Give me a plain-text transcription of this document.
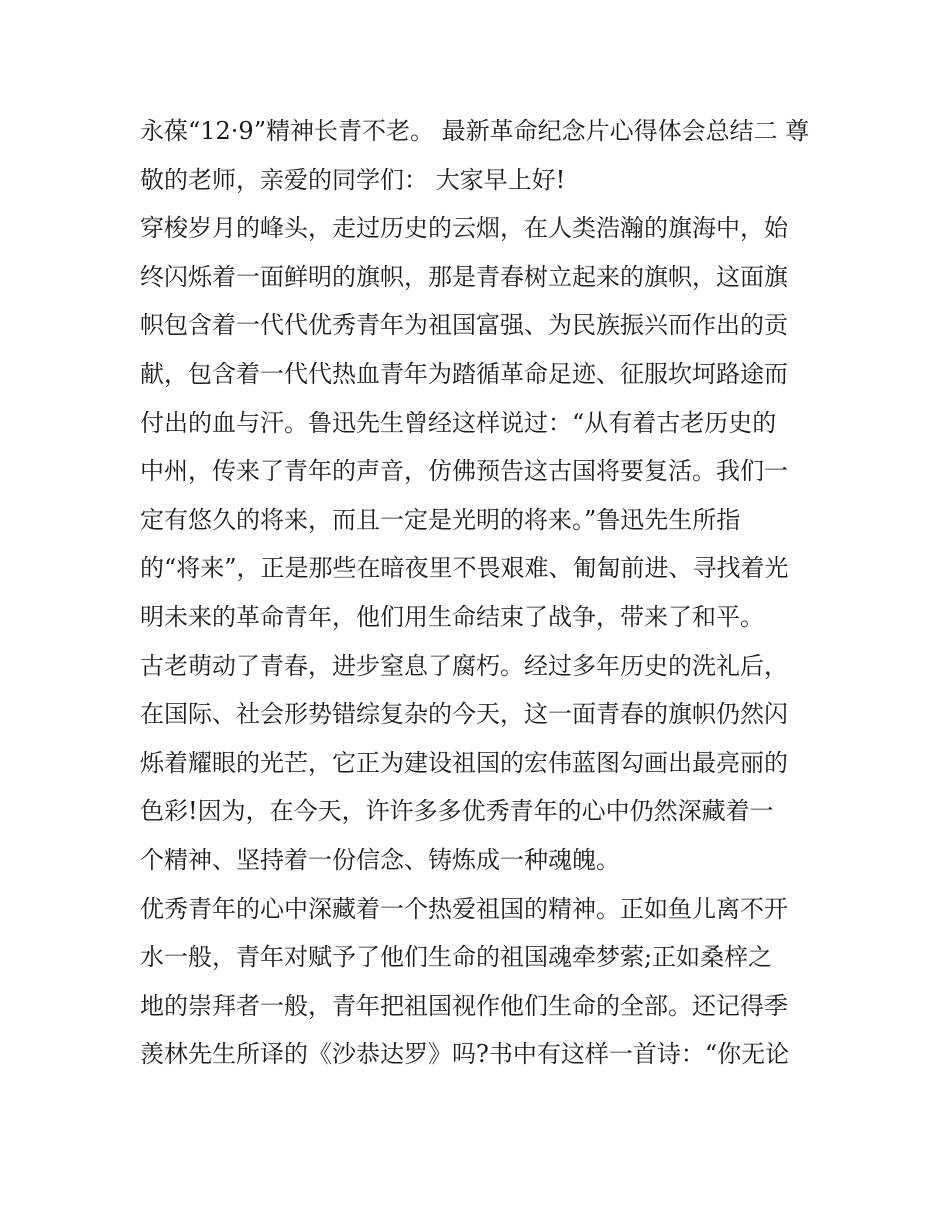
永葆“12·9”精神长青不老。 最新革命纪念片心得体会总结二 尊
敬的老师，亲爱的同学们： 大家早上好!
穿梭岁月的峰头，走过历史的云烟，在人类浩瀚的旗海中，始
终闪烁着一面鲜明的旗帜，那是青春树立起来的旗帜，这面旗
帜包含着一代代优秀青年为祖国富强、为民族振兴而作出的贡
献，包含着一代代热血青年为踏循革命足迹、征服坎坷路途而
付出的血与汗。鲁迅先生曾经这样说过：“从有着古老历史的
中州，传来了青年的声音，仿佛预告这古国将要复活。我们一
定有悠久的将来，而且一定是光明的将来。”鲁迅先生所指
的“将来”，正是那些在暗夜里不畏艰难、匍匐前进、寻找着光
明未来的革命青年，他们用生命结束了战争，带来了和平。
古老萌动了青春，进步窒息了腐朽。经过多年历史的洗礼后，
在国际、社会形势错综复杂的今天，这一面青春的旗帜仍然闪
烁着耀眼的光芒，它正为建设祖国的宏伟蓝图勾画出最亮丽的
色彩!因为，在今天，许许多多优秀青年的心中仍然深藏着一
个精神、坚持着一份信念、铸炼成一种魂魄。
优秀青年的心中深藏着一个热爱祖国的精神。正如鱼儿离不开
水一般，青年对赋予了他们生命的祖国魂牵梦萦;正如桑梓之
地的崇拜者一般，青年把祖国视作他们生命的全部。还记得季
羡林先生所译的《沙恭达罗》吗?书中有这样一首诗：“你无论
